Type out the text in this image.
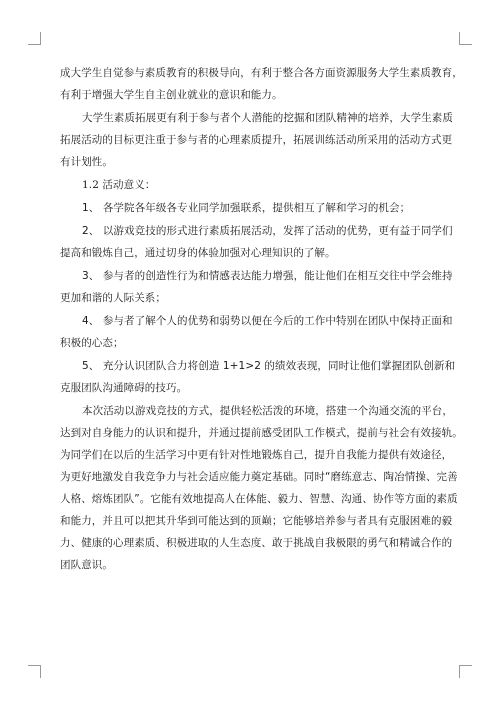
成大学生自觉参与素质教育的积极导向，有利于整合各方面资源服务大学生素质教育，
有利于增强大学生自主创业就业的意识和能力。
大学生素质拓展更有利于参与者个人潜能的挖掘和团队精神的培养，大学生素质
拓展活动的目标更注重于参与者的心理素质提升，拓展训练活动所采用的活动方式更
有计划性。
1.2 活动意义：
1、 各学院各年级各专业同学加强联系，提供相互了解和学习的机会；
2、 以游戏竞技的形式进行素质拓展活动，发挥了活动的优势，更有益于同学们
提高和锻炼自己，通过切身的体验加强对心理知识的了解。
3、 参与者的创造性行为和情感表达能力增强，能让他们在相互交往中学会维持
更加和谐的人际关系；
4、 参与者了解个人的优势和弱势以便在今后的工作中特别在团队中保持正面和
积极的心态；
5、 充分认识团队合力将创造 1+1>2 的绩效表现，同时让他们掌握团队创新和
克服团队沟通障碍的技巧。
本次活动以游戏竞技的方式，提供轻松活泼的环境，搭建一个沟通交流的平台，
达到对自身能力的认识和提升，并通过提前感受团队工作模式，提前与社会有效接轨。
为同学们在以后的生活学习中更有针对性地锻炼自己，提升自我能力提供有效途径，
为更好地激发自我竞争力与社会适应能力奠定基础。同时“磨练意志、陶冶情操、完善
人格、熔炼团队”。它能有效地提高人在体能、毅力、智慧、沟通、协作等方面的素质
和能力，并且可以把其升华到可能达到的顶巅；它能够培养参与者具有克服困难的毅
力、健康的心理素质、积极进取的人生态度、敢于挑战自我极限的勇气和精诚合作的
团队意识。
